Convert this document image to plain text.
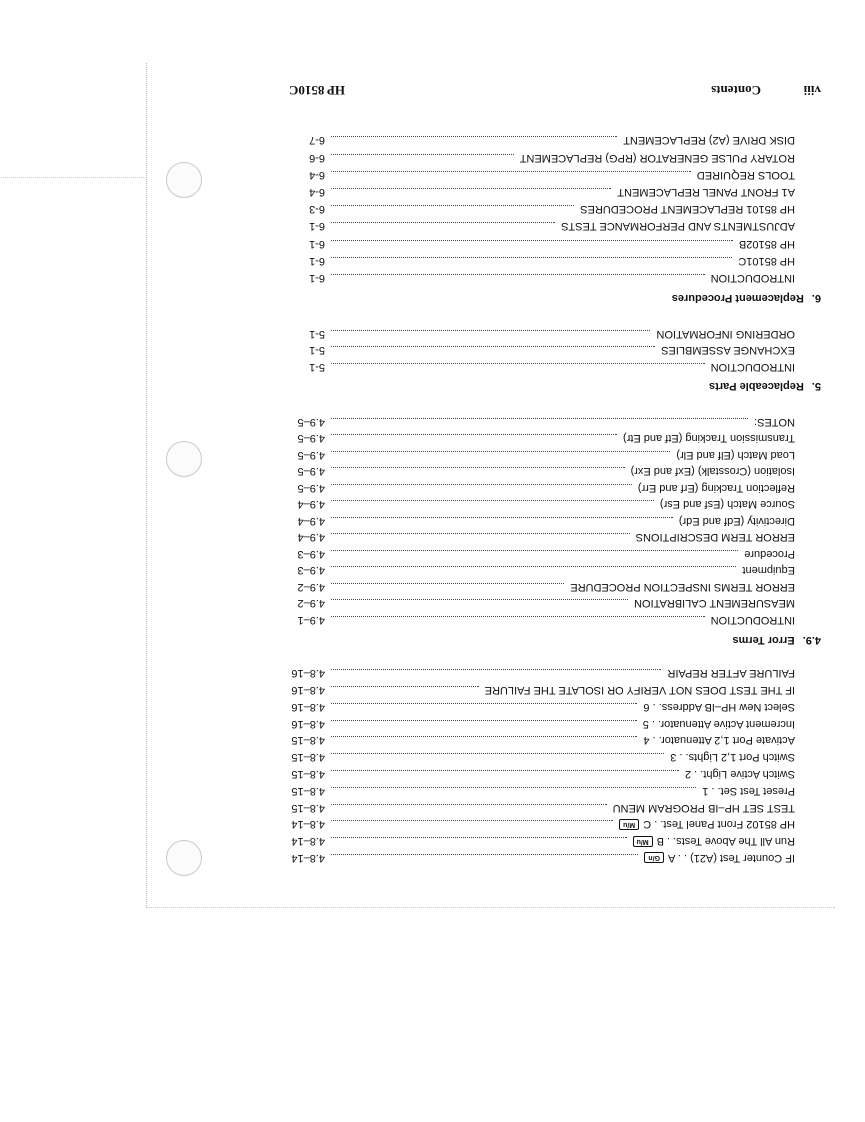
viii
Contents
HP 8510C
6.Replacement Procedures
INTRODUCTION
6-1
HP 85101C
6-1
HP 85102B
6-1
ADJUSTMENTS AND PERFORMANCE TESTS
6-1
HP 85101 REPLACEMENT PROCEDURES
6-3
A1 FRONT PANEL REPLACEMENT
6-4
TOOLS REQUIRED
6-4
ROTARY PULSE GENERATOR (RPG) REPLACEMENT
6-6
DISK DRIVE (A2) REPLACEMENT
6-7
5.Replaceable Parts
INTRODUCTION
5-1
EXCHANGE ASSEMBLIES
5-1
ORDERING INFORMATION
5-1
4.9.Error Terms
INTRODUCTION
4.9–1
MEASUREMENT CALIBRATION
4.9–2
ERROR TERMS INSPECTION PROCEDURE
4.9–2
Equipment
4.9–3
Procedure
4.9–3
ERROR TERM DESCRIPTIONS
4.9–4
Directivity (Edf and Edr)
4.9–4
Source Match (Esf and Esr)
4.9–4
Reflection Tracking (Erf and Err)
4.9–5
Isolation (Crosstalk) (Exf and Exr)
4.9–5
Load Match (Elf and Elr)
4.9–5
Transmission Tracking (Etf and Etr)
4.9–5
NOTES:
4.9–5
IF Counter Test (A21) . . A
G/n
4.8–14
Run All The Above Tests. . B
M/u
4.8–14
HP 85102 Front Panel Test. . C
M/u
4.8–14
TEST SET HP–IB PROGRAM MENU
4.8–15
Preset Test Set. . 1
4.8–15
Switch Active Light. . 2
4.8–15
Switch Port 1,2 Lights. . 3
4.8–15
Activate Port 1,2 Attenuator. . 4
4.8–15
Increment Active Attenuator. . 5
4.8–16
Select New HP–IB Address. . 6
4.8–16
IF THE TEST DOES NOT VERIFY OR ISOLATE THE FAILURE
4.8–16
FAILURE AFTER REPAIR
4.8–16
